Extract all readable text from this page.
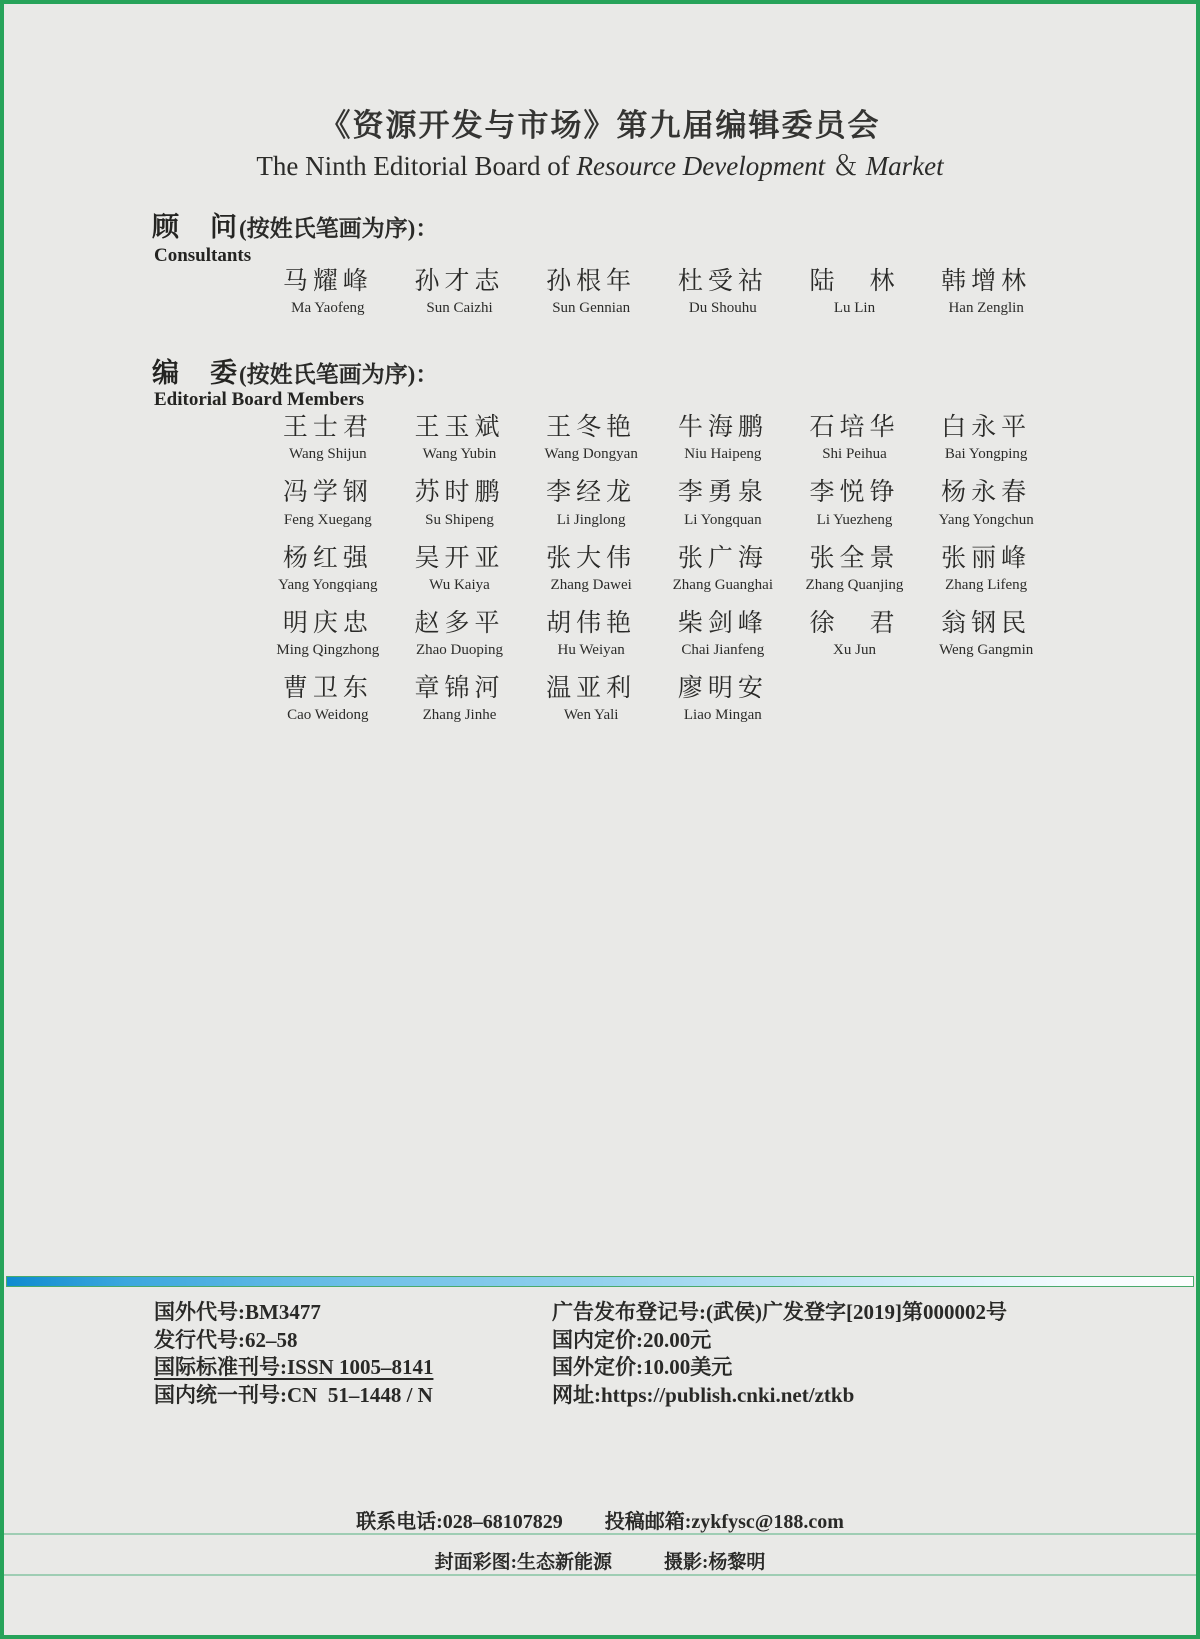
《资源开发与市场》第九届编辑委员会
The Ninth Editorial Board of Resource Development ＆ Market
顾　问(按姓氏笔画为序)：
Consultants
马耀峰
Ma Yaofeng
孙才志
Sun Caizhi
孙根年
Sun Gennian
杜受祜
Du Shouhu
陆　林
Lu Lin
韩增林
Han Zenglin
编　委(按姓氏笔画为序)：
Editorial Board Members
王士君
Wang Shijun
王玉斌
Wang Yubin
王冬艳
Wang Dongyan
牛海鹏
Niu Haipeng
石培华
Shi Peihua
白永平
Bai Yongping
冯学钢
Feng Xuegang
苏时鹏
Su Shipeng
李经龙
Li Jinglong
李勇泉
Li Yongquan
李悦铮
Li Yuezheng
杨永春
Yang Yongchun
杨红强
Yang Yongqiang
吴开亚
Wu Kaiya
张大伟
Zhang Dawei
张广海
Zhang Guanghai
张全景
Zhang Quanjing
张丽峰
Zhang Lifeng
明庆忠
Ming Qingzhong
赵多平
Zhao Duoping
胡伟艳
Hu Weiyan
柴剑峰
Chai Jianfeng
徐　君
Xu Jun
翁钢民
Weng Gangmin
曹卫东
Cao Weidong
章锦河
Zhang Jinhe
温亚利
Wen Yali
廖明安
Liao Mingan
国外代号:BM3477
发行代号:62–58
国际标准刊号:ISSN 1005–8141
国内统一刊号:CN  51–1448 / N
广告发布登记号:(武侯)广发登字[2019]第000002号
国内定价:20.00元
国外定价:10.00美元
网址:https://publish.cnki.net/ztkb
联系电话:028–68107829 投稿邮箱:zykfysc@188.com
封面彩图:生态新能源	摄影:杨黎明
